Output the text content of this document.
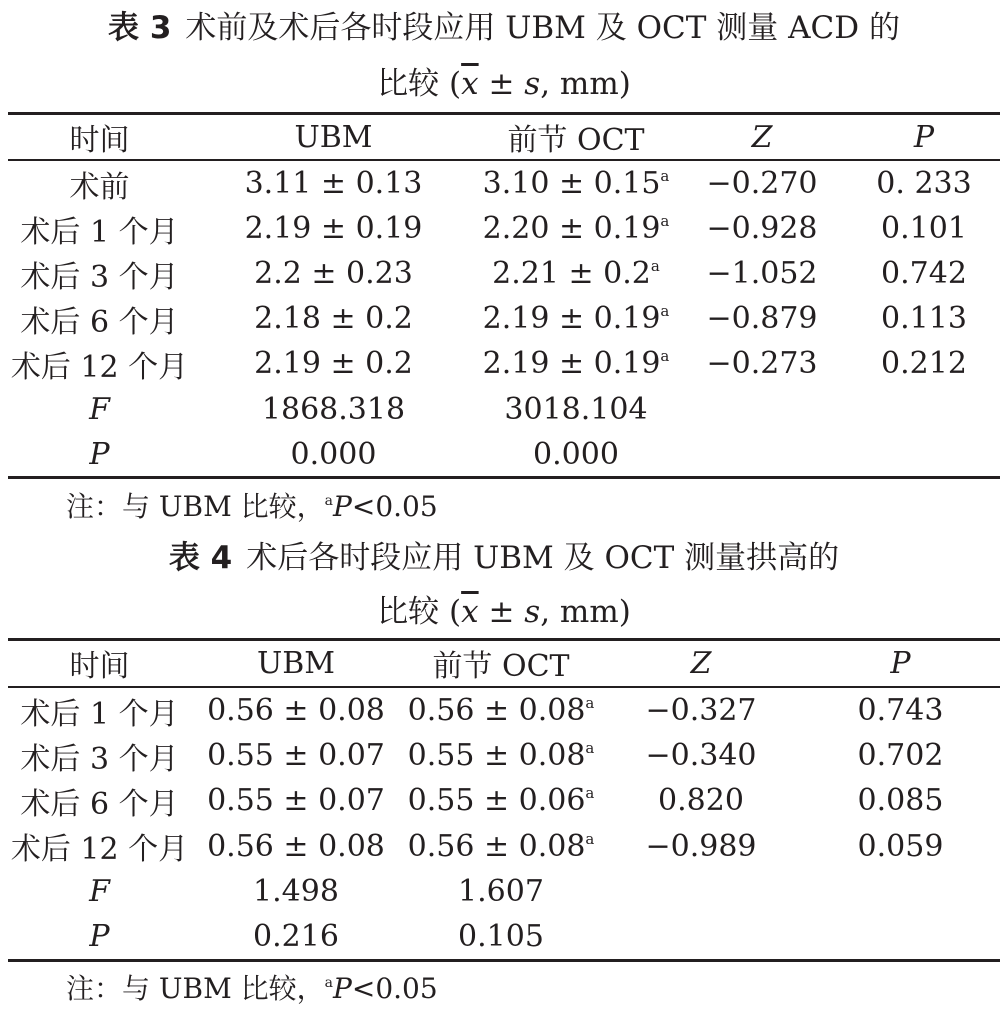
表 3 术前及术后各时段应用 UBM 及 OCT 测量 ACD 的
比较 ($\overline{x} \pm s$, mm)
时间	UBM	前节 OCT	Z	P
术前	3.11 ± 0.13	3.10 ± 0.15$^a$	−0.270	0. 233
术后 1 个月	2.19 ± 0.19	2.20 ± 0.19$^a$	−0.928	0.101
术后 3 个月	2.2 ± 0.23	2.21 ± 0.2$^a$	−1.052	0.742
术后 6 个月	2.18 ± 0.2	2.19 ± 0.19$^a$	−0.879	0.113
术后 12 个月	2.19 ± 0.2	2.19 ± 0.19$^a$	−0.273	0.212
F	1868.318	3018.104		
P	0.000	0.000		
注：与 UBM 比较，$^a$P<0.05
表 4 术后各时段应用 UBM 及 OCT 测量拱高的
比较 ($\overline{x} \pm s$, mm)
时间	UBM	前节 OCT	Z	P
术后 1 个月	0.56 ± 0.08	0.56 ± 0.08$^a$	−0.327	0.743
术后 3 个月	0.55 ± 0.07	0.55 ± 0.08$^a$	−0.340	0.702
术后 6 个月	0.55 ± 0.07	0.55 ± 0.06$^a$	0.820	0.085
术后 12 个月	0.56 ± 0.08	0.56 ± 0.08$^a$	−0.989	0.059
F	1.498	1.607		
P	0.216	0.105		
注：与 UBM 比较，$^a$P<0.05
